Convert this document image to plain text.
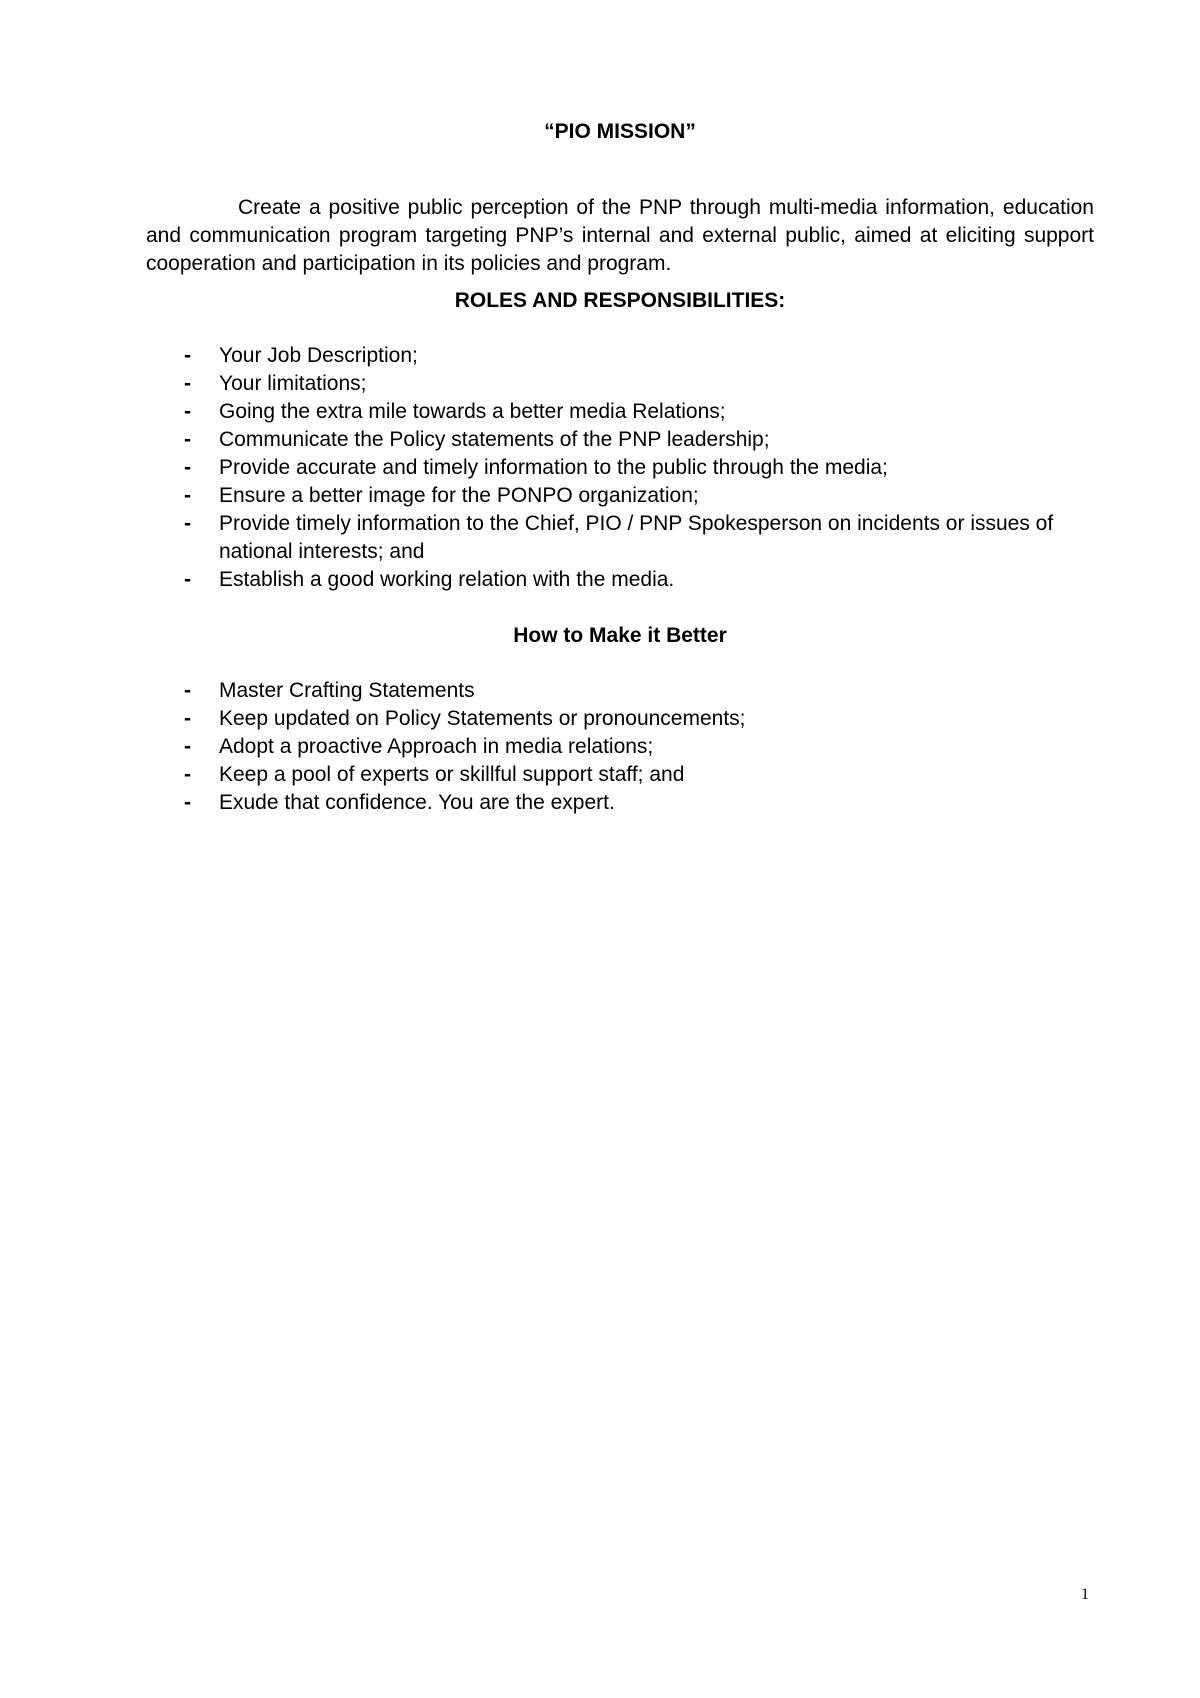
“PIO MISSION”

Create a positive public perception of the PNP through multi-media information, education and communication program targeting PNP’s internal and external public, aimed at eliciting support cooperation and participation in its policies and program.

ROLES AND RESPONSIBILITIES:
- Your Job Description;
- Your limitations;
- Going the extra mile towards a better media Relations;
- Communicate the Policy statements of the PNP leadership;
- Provide accurate and timely information to the public through the media;
- Ensure a better image for the PONPO organization;
- Provide timely information to the Chief, PIO / PNP Spokesperson on incidents or issues of national interests; and
- Establish a good working relation with the media.
How to Make it Better
- Master Crafting Statements
- Keep updated on Policy Statements or pronouncements;
- Adopt a proactive Approach in media relations;
- Keep a pool of experts or skillful support staff; and
- Exude that confidence. You are the expert.
1
